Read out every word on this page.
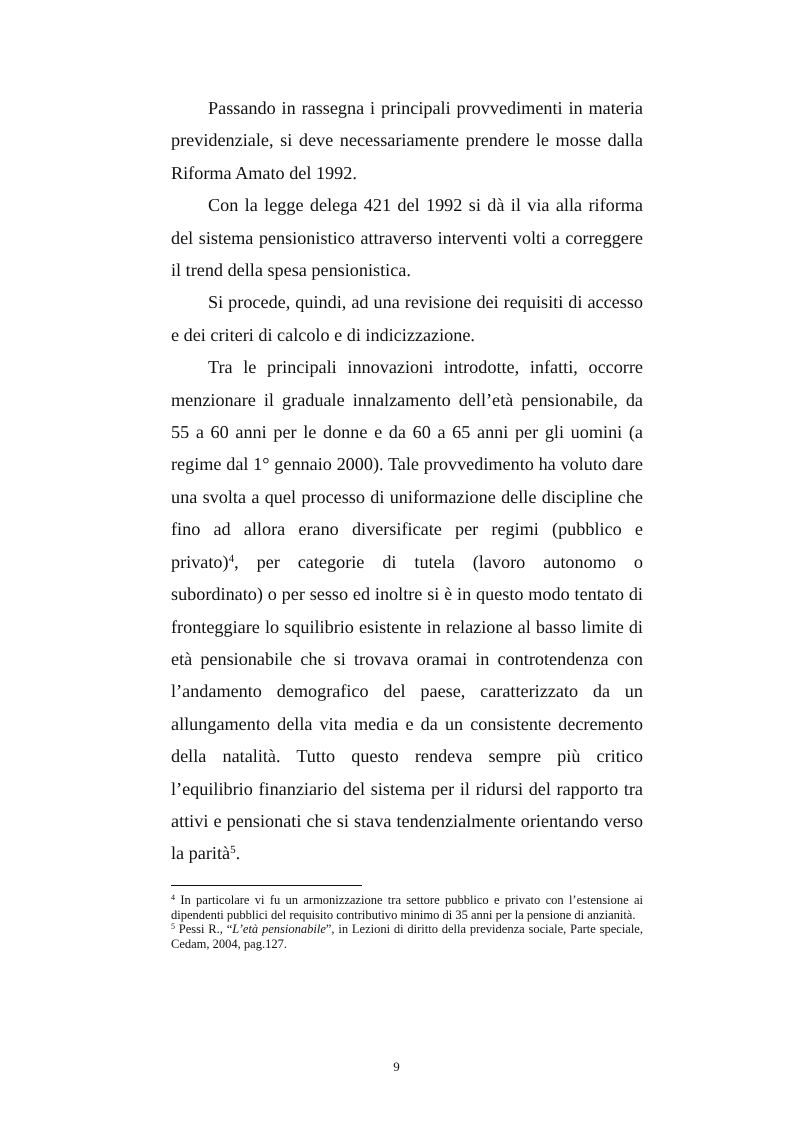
Passando in rassegna i principali provvedimenti in materia previdenziale, si deve necessariamente prendere le mosse dalla Riforma Amato del 1992.

Con la legge delega 421 del 1992 si dà il via alla riforma del sistema pensionistico attraverso interventi volti a correggere il trend della spesa pensionistica.

Si procede, quindi, ad una revisione dei requisiti di accesso e dei criteri di calcolo e di indicizzazione.

Tra le principali innovazioni introdotte, infatti, occorre menzionare il graduale innalzamento dell’età pensionabile, da 55 a 60 anni per le donne e da 60 a 65 anni per gli uomini (a regime dal 1° gennaio 2000). Tale provvedimento ha voluto dare una svolta a quel processo di uniformazione delle discipline che fino ad allora erano diversificate per regimi (pubblico e privato)$^4$, per categorie di tutela (lavoro autonomo o subordinato) o per sesso ed inoltre si è in questo modo tentato di fronteggiare lo squilibrio esistente in relazione al basso limite di età pensionabile che si trovava oramai in controtendenza con l’andamento demografico del paese, caratterizzato da un allungamento della vita media e da un consistente decremento della natalità. Tutto questo rendeva sempre più critico l’equilibrio finanziario del sistema per il ridursi del rapporto tra attivi e pensionati che si stava tendenzialmente orientando verso la parità$^5$.

$^4$ In particolare vi fu un armonizzazione tra settore pubblico e privato con l’estensione ai dipendenti pubblici del requisito contributivo minimo di 35 anni per la pensione di anzianità.

$^5$ Pessi R., “L’età pensionabile”, in Lezioni di diritto della previdenza sociale, Parte speciale, Cedam, 2004, pag.127.

9
